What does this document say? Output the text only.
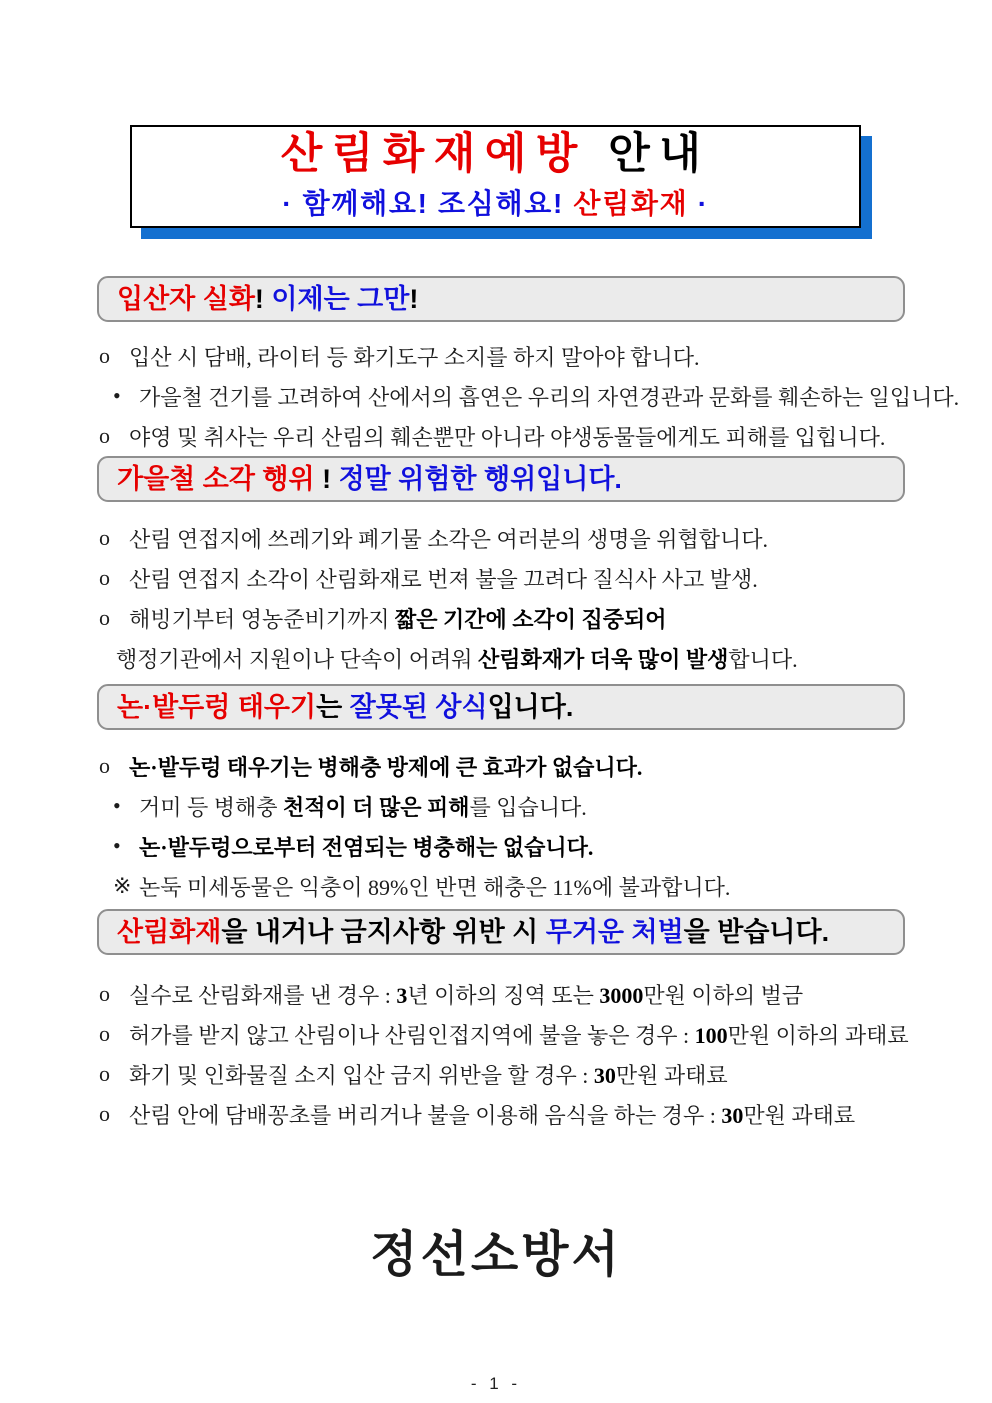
산림화재예방 안내
· 함께해요! 조심해요! 산림화재 ·
입산자 실화 ! 이제는 그만 !
o 입산 시 담배, 라이터 등 화기도구 소지를 하지 말아야 합니다.
• 가을철 건기를 고려하여 산에서의 흡연은 우리의 자연경관과 문화를 훼손하는 일입니다.
o 야영 및 취사는 우리 산림의 훼손뿐만 아니라 야생동물들에게도 피해를 입힙니다.
가을철 소각 행위 ! 정말 위험한 행위입니다.
o 산림 연접지에 쓰레기와 폐기물 소각은 여러분의 생명을 위협합니다.
o 산림 연접지 소각이 산림화재로 번져 불을 끄려다 질식사 사고 발생.
o 해빙기부터 영농준비기까지 짧은 기간에 소각이 집중되어
행정기관에서 지원이나 단속이 어려워 산림화재가 더욱 많이 발생합니다.
논·밭두렁 태우기 는 잘못된 상식 입니다.
o 논·밭두렁 태우기는 병해충 방제에 큰 효과가 없습니다.
• 거미 등 병해충 천적이 더 많은 피해를 입습니다.
• 논·밭두렁으로부터 전염되는 병충해는 없습니다.
※ 논둑 미세동물은 익충이 89%인 반면 해충은 11%에 불과합니다.
산림화재 을 내거나 금지사항 위반 시 무거운 처벌 을 받습니다.
o 실수로 산림화재를 낸 경우 : 3년 이하의 징역 또는 3000만원 이하의 벌금
o 허가를 받지 않고 산림이나 산림인접지역에 불을 놓은 경우 : 100만원 이하의 과태료
o 화기 및 인화물질 소지 입산 금지 위반을 할 경우 : 30만원 과태료
o 산림 안에 담배꽁초를 버리거나 불을 이용해 음식을 하는 경우 : 30만원 과태료
정선소방서
- 1 -
